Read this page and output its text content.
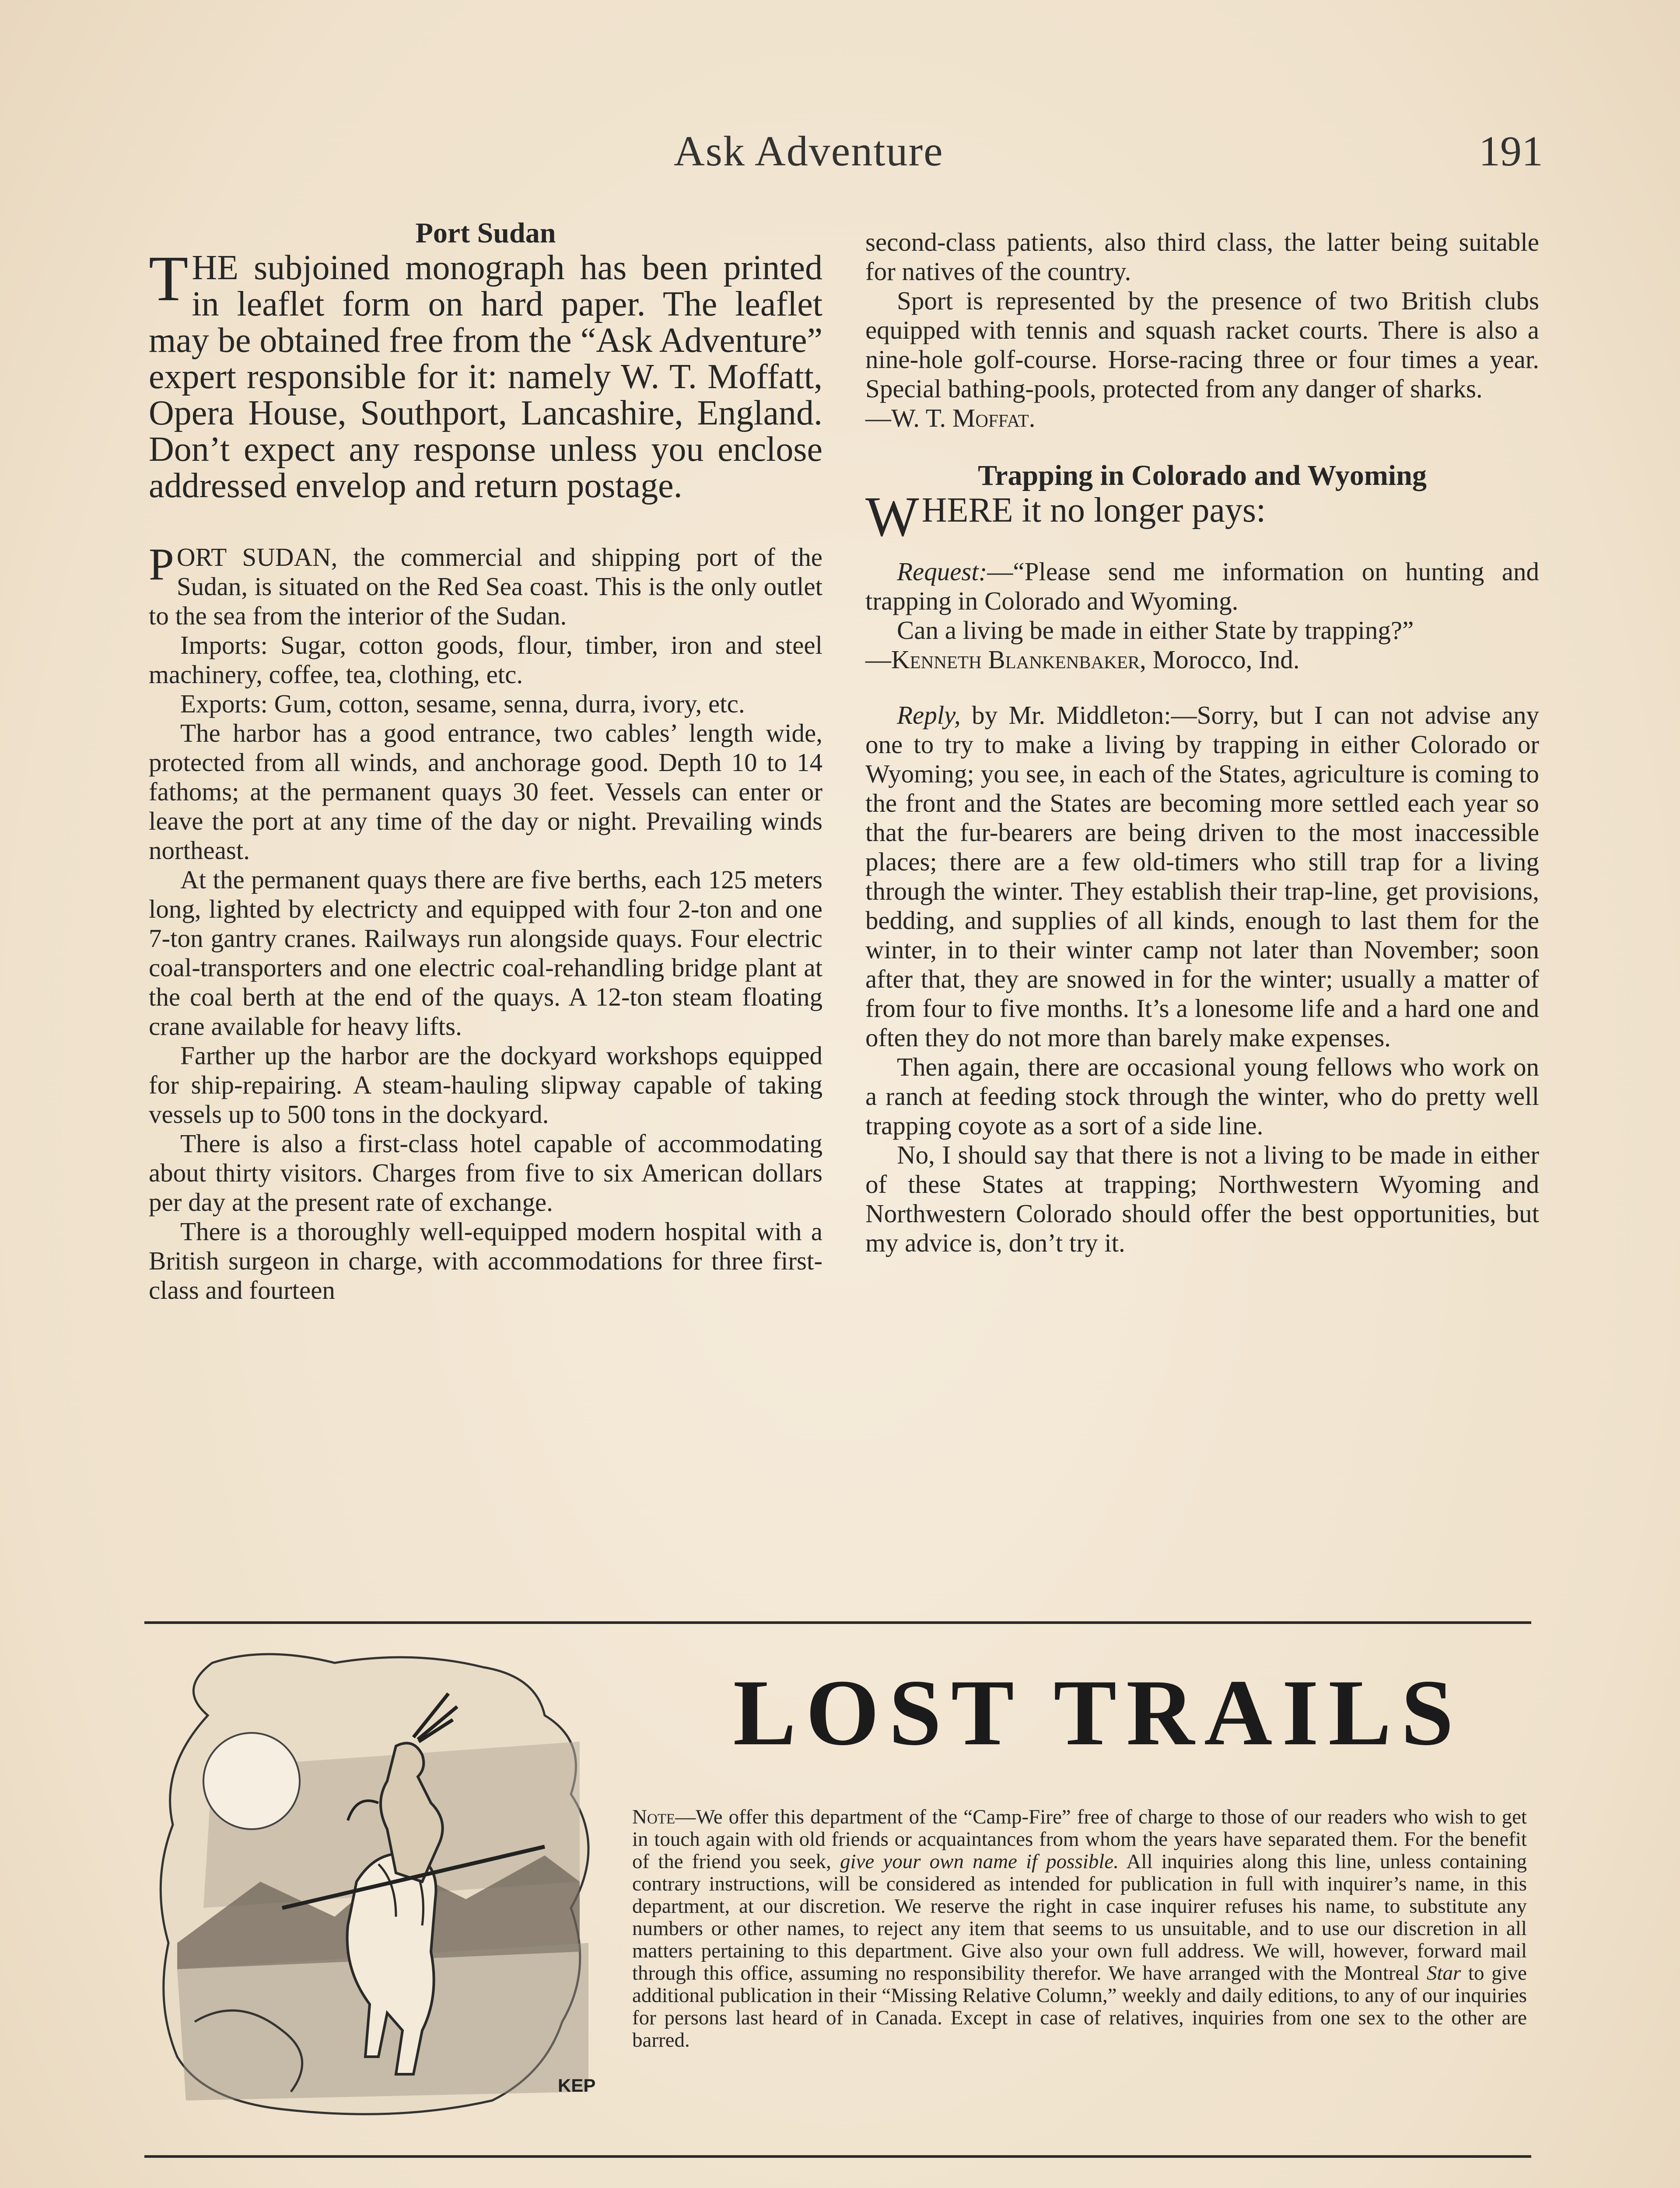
Ask Adventure	191

Port Sudan

THE subjoined monograph has been printed in leaflet form on hard paper. The leaflet may be obtained free from the “Ask Adventure” expert responsible for it: namely W. T. Moffatt, Opera House, Southport, Lancashire, England. Don’t expect any response unless you enclose addressed envelop and return postage.

PORT SUDAN, the commercial and shipping port of the Sudan, is situated on the Red Sea coast. This is the only outlet to the sea from the interior of the Sudan.

Imports: Sugar, cotton goods, flour, timber, iron and steel machinery, coffee, tea, clothing, etc.

Exports: Gum, cotton, sesame, senna, durra, ivory, etc.

The harbor has a good entrance, two cables’ length wide, protected from all winds, and anchorage good. Depth 10 to 14 fathoms; at the permanent quays 30 feet. Vessels can enter or leave the port at any time of the day or night. Prevailing winds northeast.

At the permanent quays there are five berths, each 125 meters long, lighted by electricty and equipped with four 2-ton and one 7-ton gantry cranes. Railways run alongside quays. Four electric coal-transporters and one electric coal-rehandling bridge plant at the coal berth at the end of the quays. A 12-ton steam floating crane available for heavy lifts.

Farther up the harbor are the dockyard workshops equipped for ship-repairing. A steam-hauling slipway capable of taking vessels up to 500 tons in the dockyard.

There is also a first-class hotel capable of accommodating about thirty visitors. Charges from five to six American dollars per day at the present rate of exchange.

There is a thoroughly well-equipped modern hospital with a British surgeon in charge, with accommodations for three first-class and fourteen

second-class patients, also third class, the latter being suitable for natives of the country.

Sport is represented by the presence of two British clubs equipped with tennis and squash racket courts. There is also a nine-hole golf-course. Horse-racing three or four times a year. Special bathing-pools, protected from any danger of sharks.

—W. T. Moffat.

Trapping in Colorado and Wyoming

WHERE it no longer pays:

Request:—“Please send me information on hunting and trapping in Colorado and Wyoming.

Can a living be made in either State by trapping?”

—Kenneth Blankenbaker, Morocco, Ind.

Reply, by Mr. Middleton:—Sorry, but I can not advise any one to try to make a living by trapping in either Colorado or Wyoming; you see, in each of the States, agriculture is coming to the front and the States are becoming more settled each year so that the fur-bearers are being driven to the most inaccessible places; there are a few old-timers who still trap for a living through the winter. They establish their trap-line, get provisions, bedding, and supplies of all kinds, enough to last them for the winter, in to their winter camp not later than November; soon after that, they are snowed in for the winter; usually a matter of from four to five months. It’s a lonesome life and a hard one and often they do not more than barely make expenses.

Then again, there are occasional young fellows who work on a ranch at feeding stock through the winter, who do pretty well trapping coyote as a sort of a side line.

No, I should say that there is not a living to be made in either of these States at trapping; Northwestern Wyoming and Northwestern Colorado should offer the best opportunities, but my advice is, don’t try it.

KEP
LOST TRAILS

Note—We offer this department of the “Camp-Fire” free of charge to those of our readers who wish to get in touch again with old friends or acquaintances from whom the years have separated them. For the benefit of the friend you seek, give your own name if possible. All inquiries along this line, unless containing contrary instructions, will be considered as intended for publication in full with inquirer’s name, in this department, at our discretion. We reserve the right in case inquirer refuses his name, to substitute any numbers or other names, to reject any item that seems to us unsuitable, and to use our discretion in all matters pertaining to this department. Give also your own full address. We will, however, forward mail through this office, assuming no responsibility therefor. We have arranged with the Montreal Star to give additional publication in their “Missing Relative Column,” weekly and daily editions, to any of our inquiries for persons last heard of in Canada. Except in case of relatives, inquiries from one sex to the other are barred.
